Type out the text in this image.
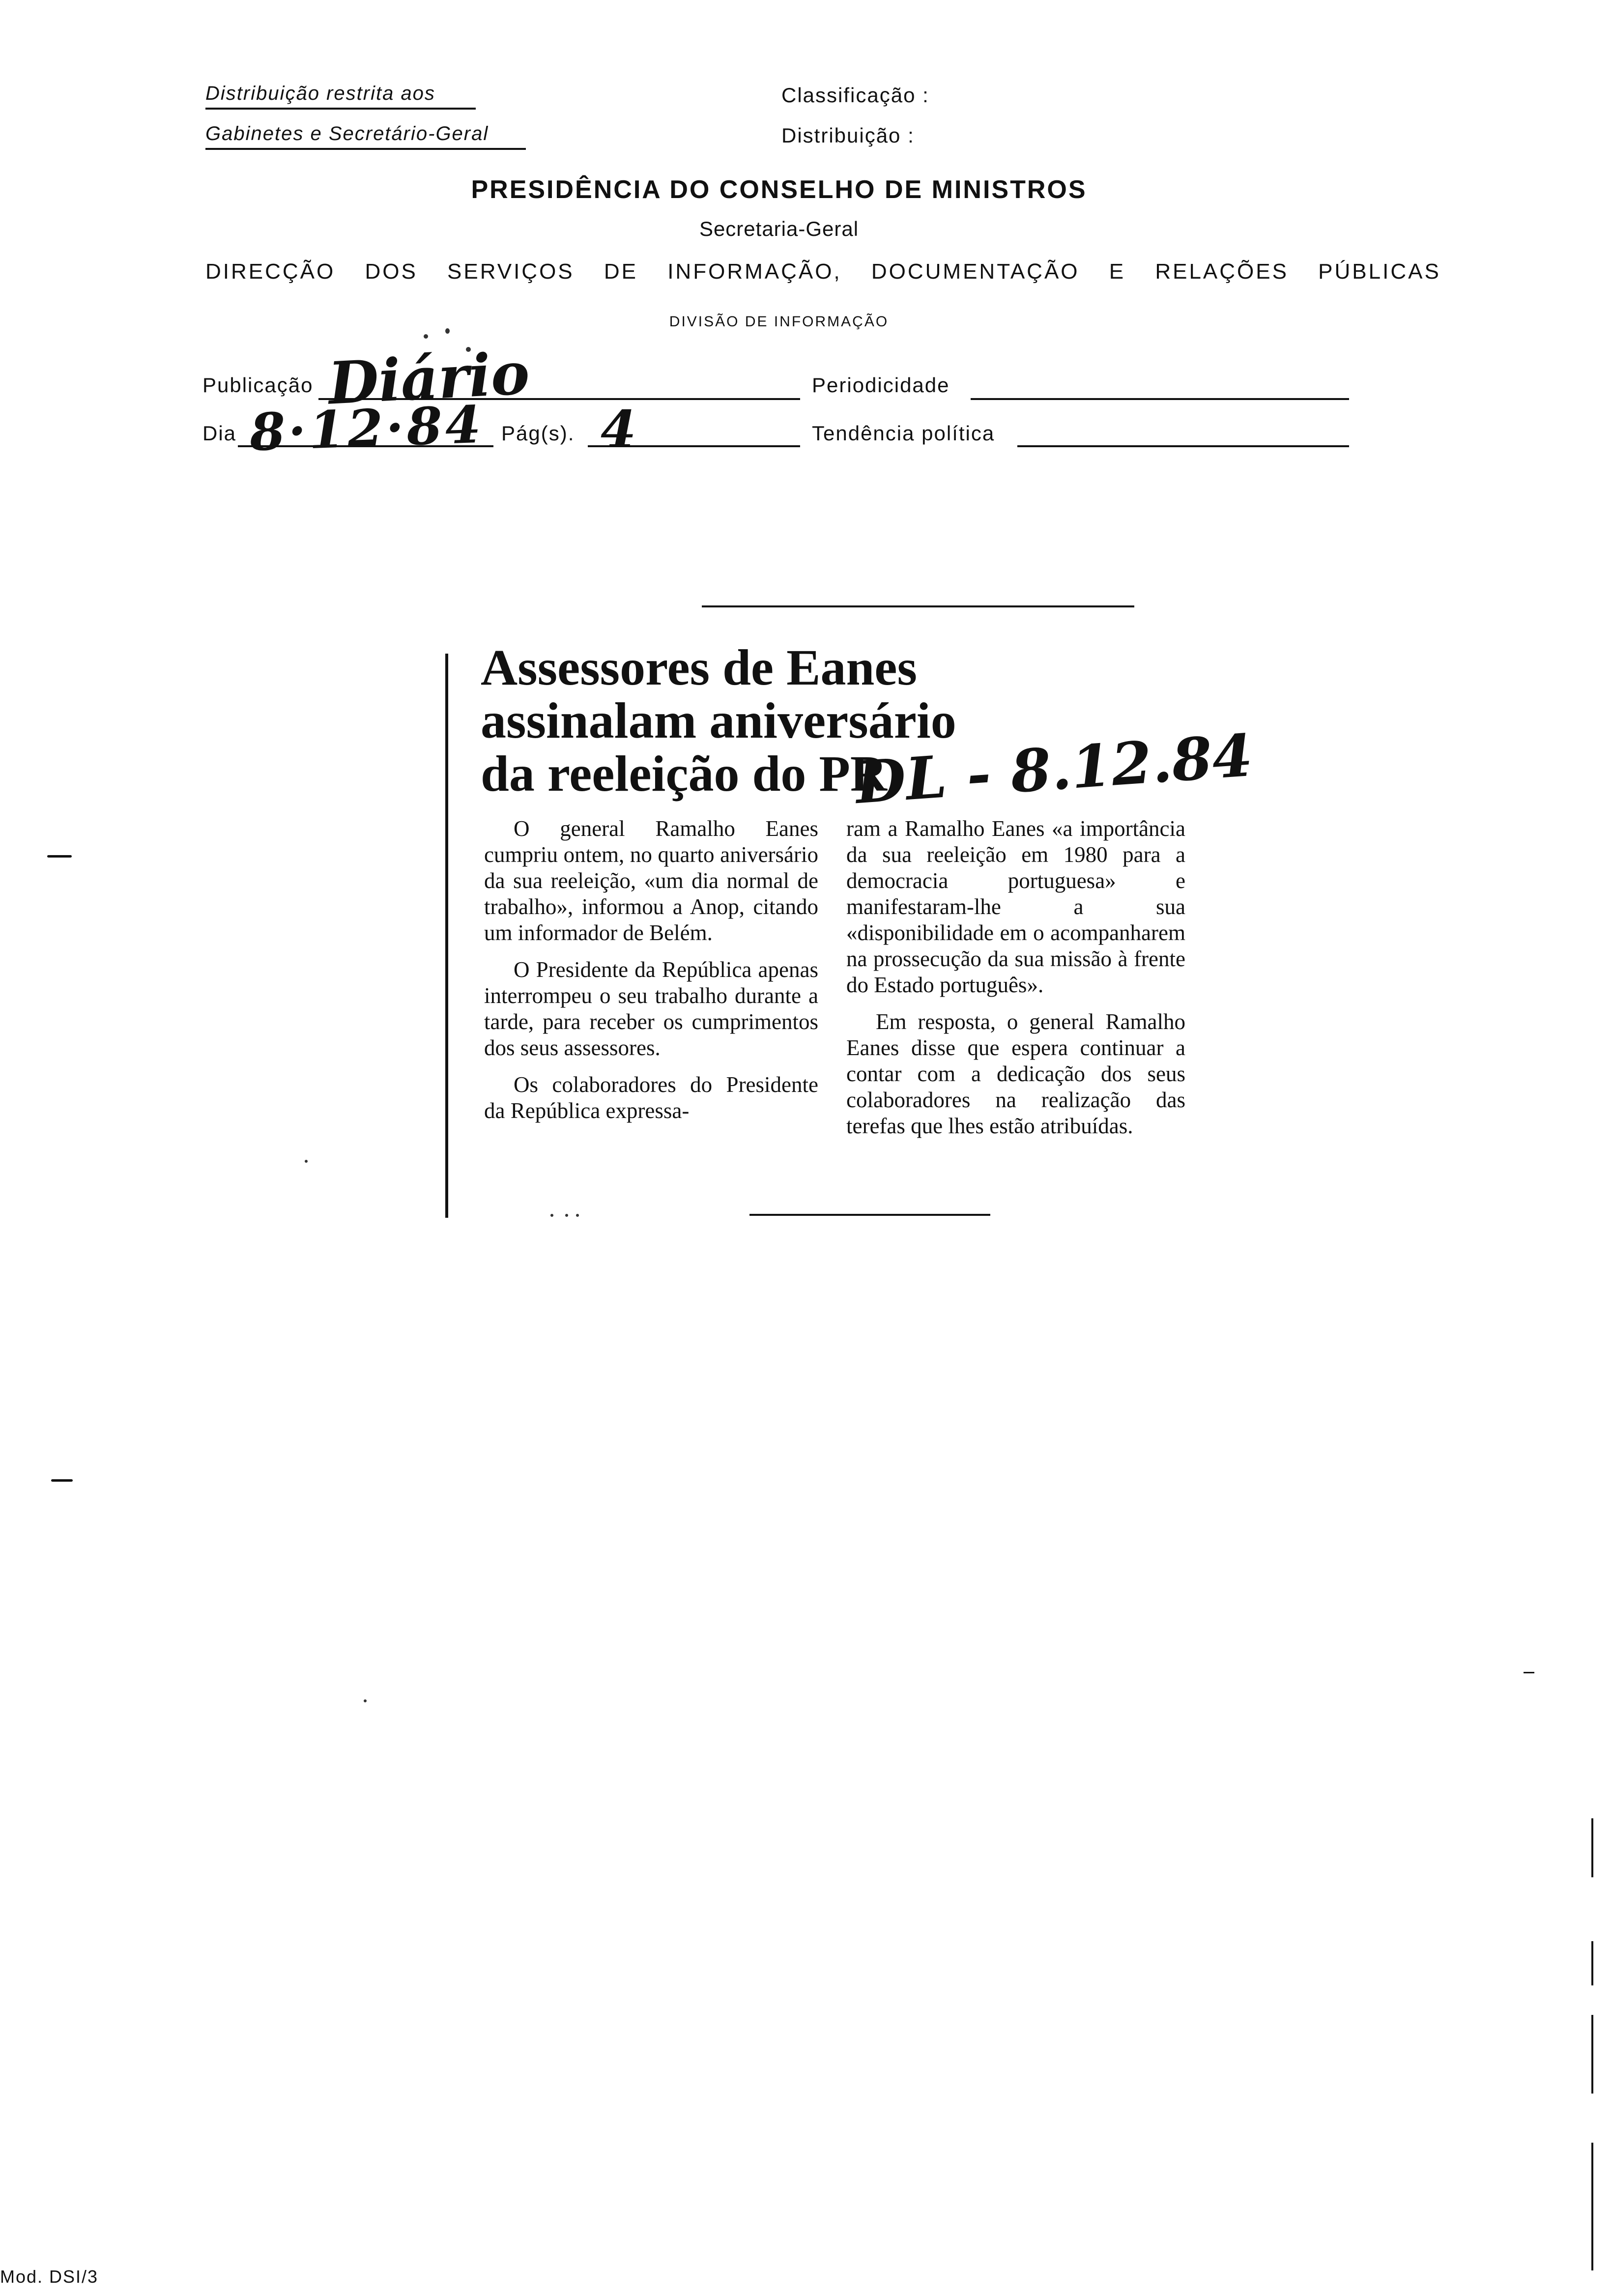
Distribuição restrita aos
Gabinetes e Secretário-Geral
Classificação :
Distribuição :
PRESIDÊNCIA DO CONSELHO DE MINISTROS
Secretaria-Geral
DIRECÇÃO DOS SERVIÇOS DE INFORMAÇÃO, DOCUMENTAÇÃO E RELAÇÕES PÚBLICAS
DIVISÃO DE INFORMAÇÃO
Publicação Diário	Periodicidade
Dia 8·12·84 Pág(s). 4	Tendência política
Assessores de Eanes
assinalam aniversário
da reeleição do PR
DL - 8.12.84

O general Ramalho Eanes cumpriu ontem, no quarto aniversário da sua reeleição, «um dia normal de trabalho», informou a Anop, citando um informador de Belém.

O Presidente da República apenas interrompeu o seu trabalho durante a tarde, para receber os cumprimentos dos seus assessores.

Os colaboradores do Presidente da República expressa-

ram a Ramalho Eanes «a importância da sua reeleição em 1980 para a democracia portuguesa» e manifestaram-lhe a sua «disponibilidade em o acompanharem na prossecução da sua missão à frente do Estado português».

Em resposta, o general Ramalho Eanes disse que espera continuar a contar com a dedicação dos seus colaboradores na realização das terefas que lhes estão atribuídas.

Mod. DSI/3
